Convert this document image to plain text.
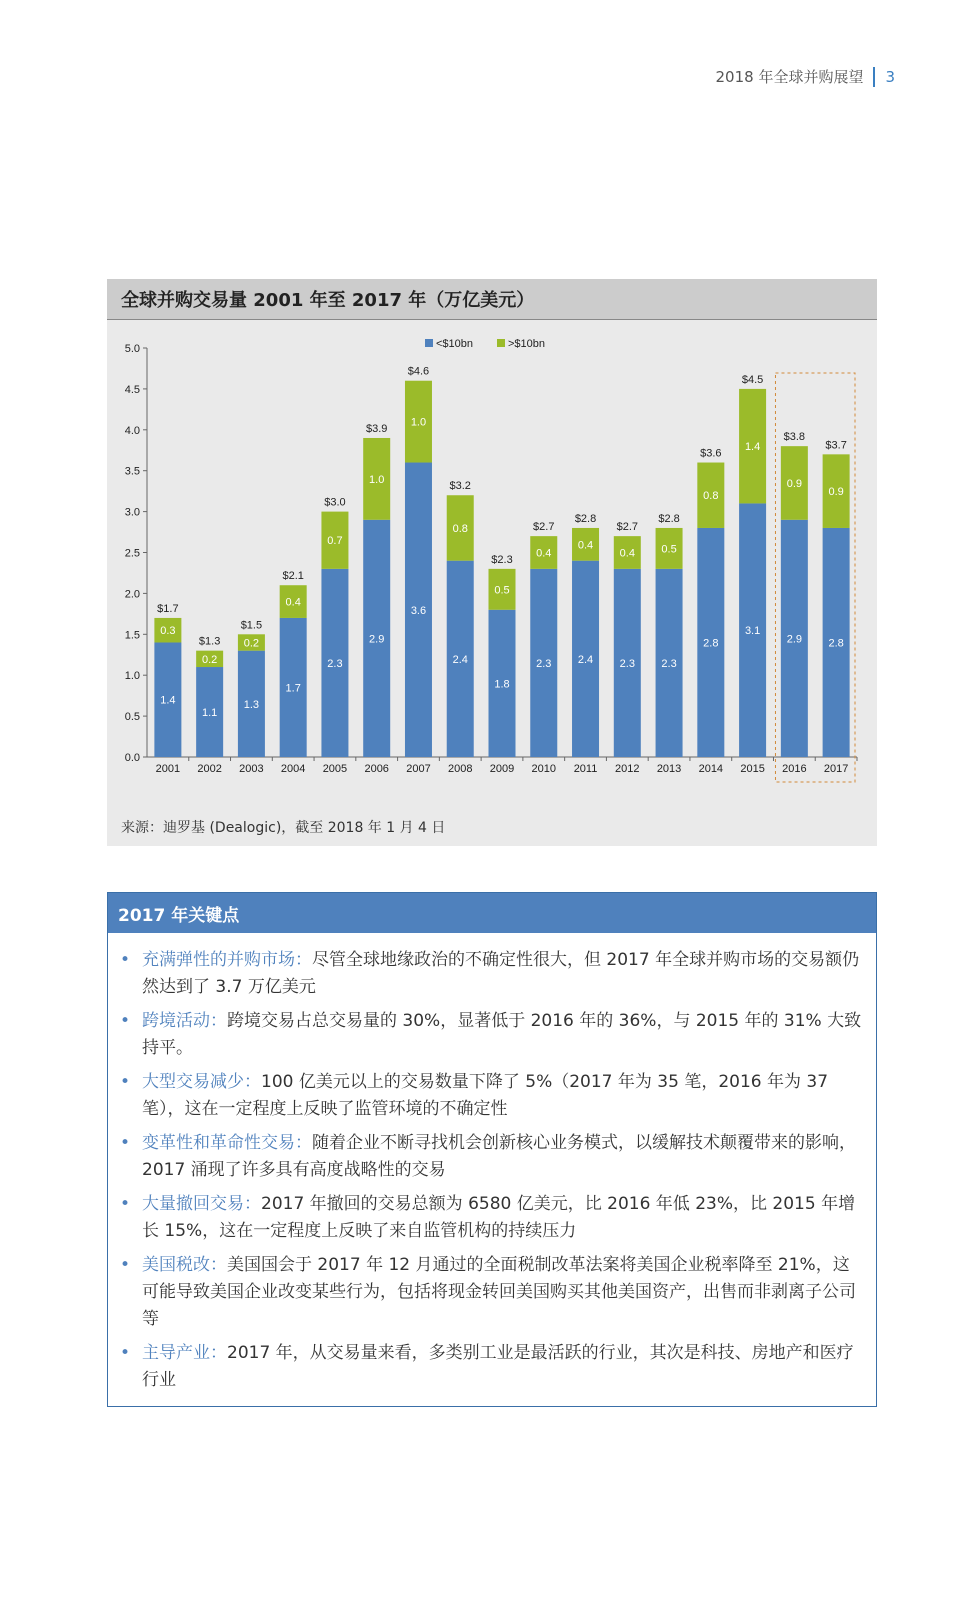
2018 年全球并购展望 3
全球并购交易量 2001 年至 2017 年（万亿美元）
0.0
0.5
1.0
1.5
2.0
2.5
3.0
3.5
4.0
4.5
5.0
1.4
0.3
$1.7
2001
1.1
0.2
$1.3
2002
1.3
0.2
$1.5
2003
1.7
0.4
$2.1
2004
2.3
0.7
$3.0
2005
2.9
1.0
$3.9
2006
3.6
1.0
$4.6
2007
2.4
0.8
$3.2
2008
1.8
0.5
$2.3
2009
2.3
0.4
$2.7
2010
2.4
0.4
$2.8
2011
2.3
0.4
$2.7
2012
2.3
0.5
$2.8
2013
2.8
0.8
$3.6
2014
3.1
1.4
$4.5
2015
2.9
0.9
$3.8
2016
2.8
0.9
$3.7
2017
<$10bn	>$10bn
来源：迪罗基 (Dealogic)，截至 2018 年 1 月 4 日
2017 年关键点
• 充满弹性的并购市场：尽管全球地缘政治的不确定性很大，但 2017 年全球并购市场的交易额仍然达到了 3.7 万亿美元
• 跨境活动：跨境交易占总交易量的 30%，显著低于 2016 年的 36%，与 2015 年的 31% 大致持平。
• 大型交易减少：100 亿美元以上的交易数量下降了 5%（2017 年为 35 笔，2016 年为 37 笔），这在一定程度上反映了监管环境的不确定性
• 变革性和革命性交易：随着企业不断寻找机会创新核心业务模式，以缓解技术颠覆带来的影响，2017 涌现了许多具有高度战略性的交易
• 大量撤回交易：2017 年撤回的交易总额为 6580 亿美元，比 2016 年低 23%，比 2015 年增长 15%，这在一定程度上反映了来自监管机构的持续压力
• 美国税改：美国国会于 2017 年 12 月通过的全面税制改革法案将美国企业税率降至 21%，这可能导致美国企业改变某些行为，包括将现金转回美国购买其他美国资产，出售而非剥离子公司等
• 主导产业：2017 年，从交易量来看，多类别工业是最活跃的行业，其次是科技、房地产和医疗行业
